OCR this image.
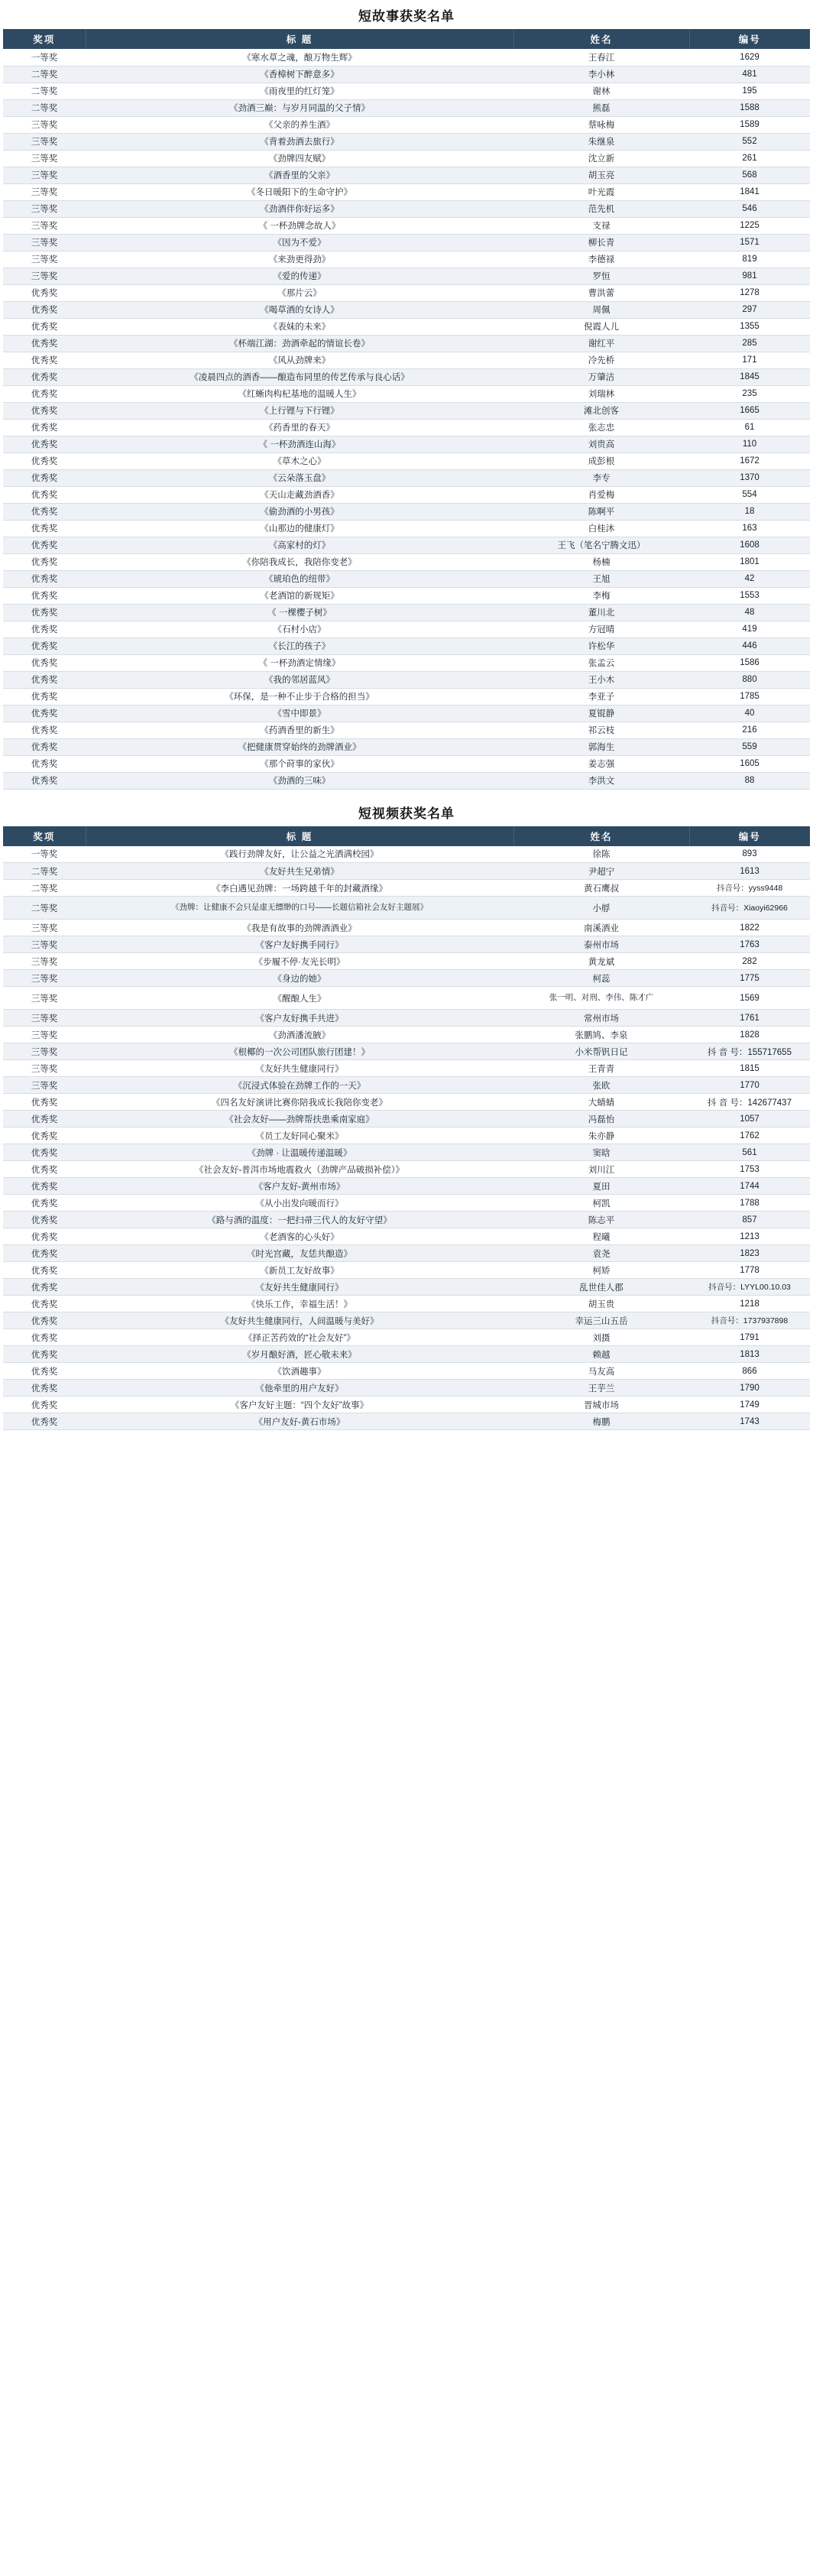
短故事获奖名单
奖项	标 题	姓名	编号
一等奖	《寒水草之魂，酿万物生辉》	王春江	1629
二等奖	《香樟树下醉意多》	李小林	481
二等奖	《雨夜里的红灯笼》	谢林	195
二等奖	《劲酒三巅：与岁月同温的父子情》	熊磊	1588
三等奖	《父亲的养生酒》	蔡咏梅	1589
三等奖	《背着劲酒去旅行》	朱继泉	552
三等奖	《劲牌四友赋》	沈立新	261
三等奖	《酒香里的父亲》	胡玉亮	568
三等奖	《冬日暖阳下的生命守护》	叶光霞	1841
三等奖	《劲酒伴你好运多》	范先机	546
三等奖	《 一杯劲牌念故人》	支禄	1225
三等奖	《因为不爱》	柳长青	1571
三等奖	《来劲更得劲》	李德禄	819
三等奖	《爱的传递》	罗恒	981
优秀奖	《那片云》	曹洪蕾	1278
优秀奖	《喝草酒的女诗人》	周佩	297
优秀奖	《表妹的未来》	倪霞人儿	1355
优秀奖	《杯端江湖：劲酒牵起的情谊长卷》	谢红平	285
优秀奖	《风从劲牌来》	冷先桥	171
优秀奖	《凌晨四点的酒香——酿造布同里的传艺传承与良心话》	万肇洁	1845
优秀奖	《红蜥肉构杞基地的温暖人生》	刘瑞林	235
优秀奖	《上行锂与下行锂》	滩北创客	1665
优秀奖	《药香里的春天》	张志忠	61
优秀奖	《 一杯劲酒连山海》	刘贵高	110
优秀奖	《草木之心》	成彭根	1672
优秀奖	《云朵落玉盘》	李专	1370
优秀奖	《天山走藏劲酒香》	肖爱梅	554
优秀奖	《偷劲酒的小男孩》	陈啊平	18
优秀奖	《山那边的健康灯》	白桂沐	163
优秀奖	《高家村的灯》	王飞（笔名宁腾文迅）	1608
优秀奖	《你陪我成长，我陪你变老》	杨楠	1801
优秀奖	《琥珀色的纽带》	王旭	42
优秀奖	《老酒馆的新规矩》	李梅	1553
优秀奖	《 一棵樱子树》	董川北	48
优秀奖	《石村小店》	方冠晴	419
优秀奖	《长江的孩子》	许松华	446
优秀奖	《 一杯劲酒定情缘》	张孟云	1586
优秀奖	《我的邻居蓝风》	王小木	880
优秀奖	《环保，是一种不止步于合格的担当》	李亚子	1785
优秀奖	《雪中即景》	夏锟静	40
优秀奖	《药酒香里的新生》	祁云枝	216
优秀奖	《把健康贯穿始终的劲牌酒业》	郭海生	559
优秀奖	《那个莳事的家伙》	姜志强	1605
优秀奖	《劲酒的三味》	李洪文	88
短视频获奖名单
奖项	标 题	姓名	编号
一等奖	《践行劲牌友好，让公益之光洒满校园》	徐陈	893
二等奖	《友好共生兄弟情》	尹超宁	1613
二等奖	《李白遇见劲牌：一场跨越千年的封藏酒缘》	黄石鹰叔	抖音号：yyss9448
二等奖	《劲牌：让健康不会只是虚无缥缈的口号——长题信箱社会友好主题展》	小艀	抖音号：Xiaoyi62966
三等奖	《我是有故事的劲牌酒酒业》	南溪酒业	1822
三等奖	《客户友好携手同行》	泰州市场	1763
三等奖	《步履不停·友光长明》	黄龙斌	282
三等奖	《身边的她》	柯蕊	1775
三等奖	《醒酿人生》	张一明、对刑、李伟、陈才广	1569
三等奖	《客户友好携手共进》	常州市场	1761
三等奖	《劲酒潘流腋》	张鹏鸠、李泉	1828
三等奖	《根椰的一次公司团队旅行团建！》	小米帮钒日记	抖 音 号：155717655
三等奖	《友好共生健康同行》	王青青	1815
三等奖	《沉浸式体验在劲牌工作的一天》	张欧	1770
优秀奖	《四名友好演讲比赛你陪我成长我陪你变老》	大蜻蜻	抖 音 号：142677437
优秀奖	《社会友好——劲牌帮扶患乘南家庭》	冯磊怡	1057
优秀奖	《员工友好同心聚米》	朱亦静	1762
优秀奖	《劲牌 · 让温暖传递温暖》	窦晗	561
优秀奖	《社会友好-普洱市场地震救火（劲牌产品破损补偿）》	刘川江	1753
优秀奖	《客户友好-黄州市场》	夏田	1744
优秀奖	《从小出发向暖而行》	柯凯	1788
优秀奖	《路与酒的温度：一把扫帚三代人的友好守望》	陈志平	857
优秀奖	《老酒客的心头好》	程曦	1213
优秀奖	《时光宫藏，友恁共酿造》	袁尧	1823
优秀奖	《新员工友好故事》	柯矫	1778
优秀奖	《友好共生健康同行》	乱世佳人郡	抖音号：LYYL00.10.03
优秀奖	《快乐工作，幸福生活！》	胡玉贵	1218
优秀奖	《友好共生健康同行，人间温暖与美好》	幸运三山五岳	抖音号：1737937898
优秀奖	《择正苦药效的“社会友好”》	刘摄	1791
优秀奖	《岁月酿好酒，匠心敬未来》	赖越	1813
优秀奖	《饮酒趣事》	马友高	866
优秀奖	《他牵里的用户友好》	王芋兰	1790
优秀奖	《客户友好主题：“四个友好”故事》	晋城市场	1749
优秀奖	《用户友好-黄石市场》	梅鹏	1743
